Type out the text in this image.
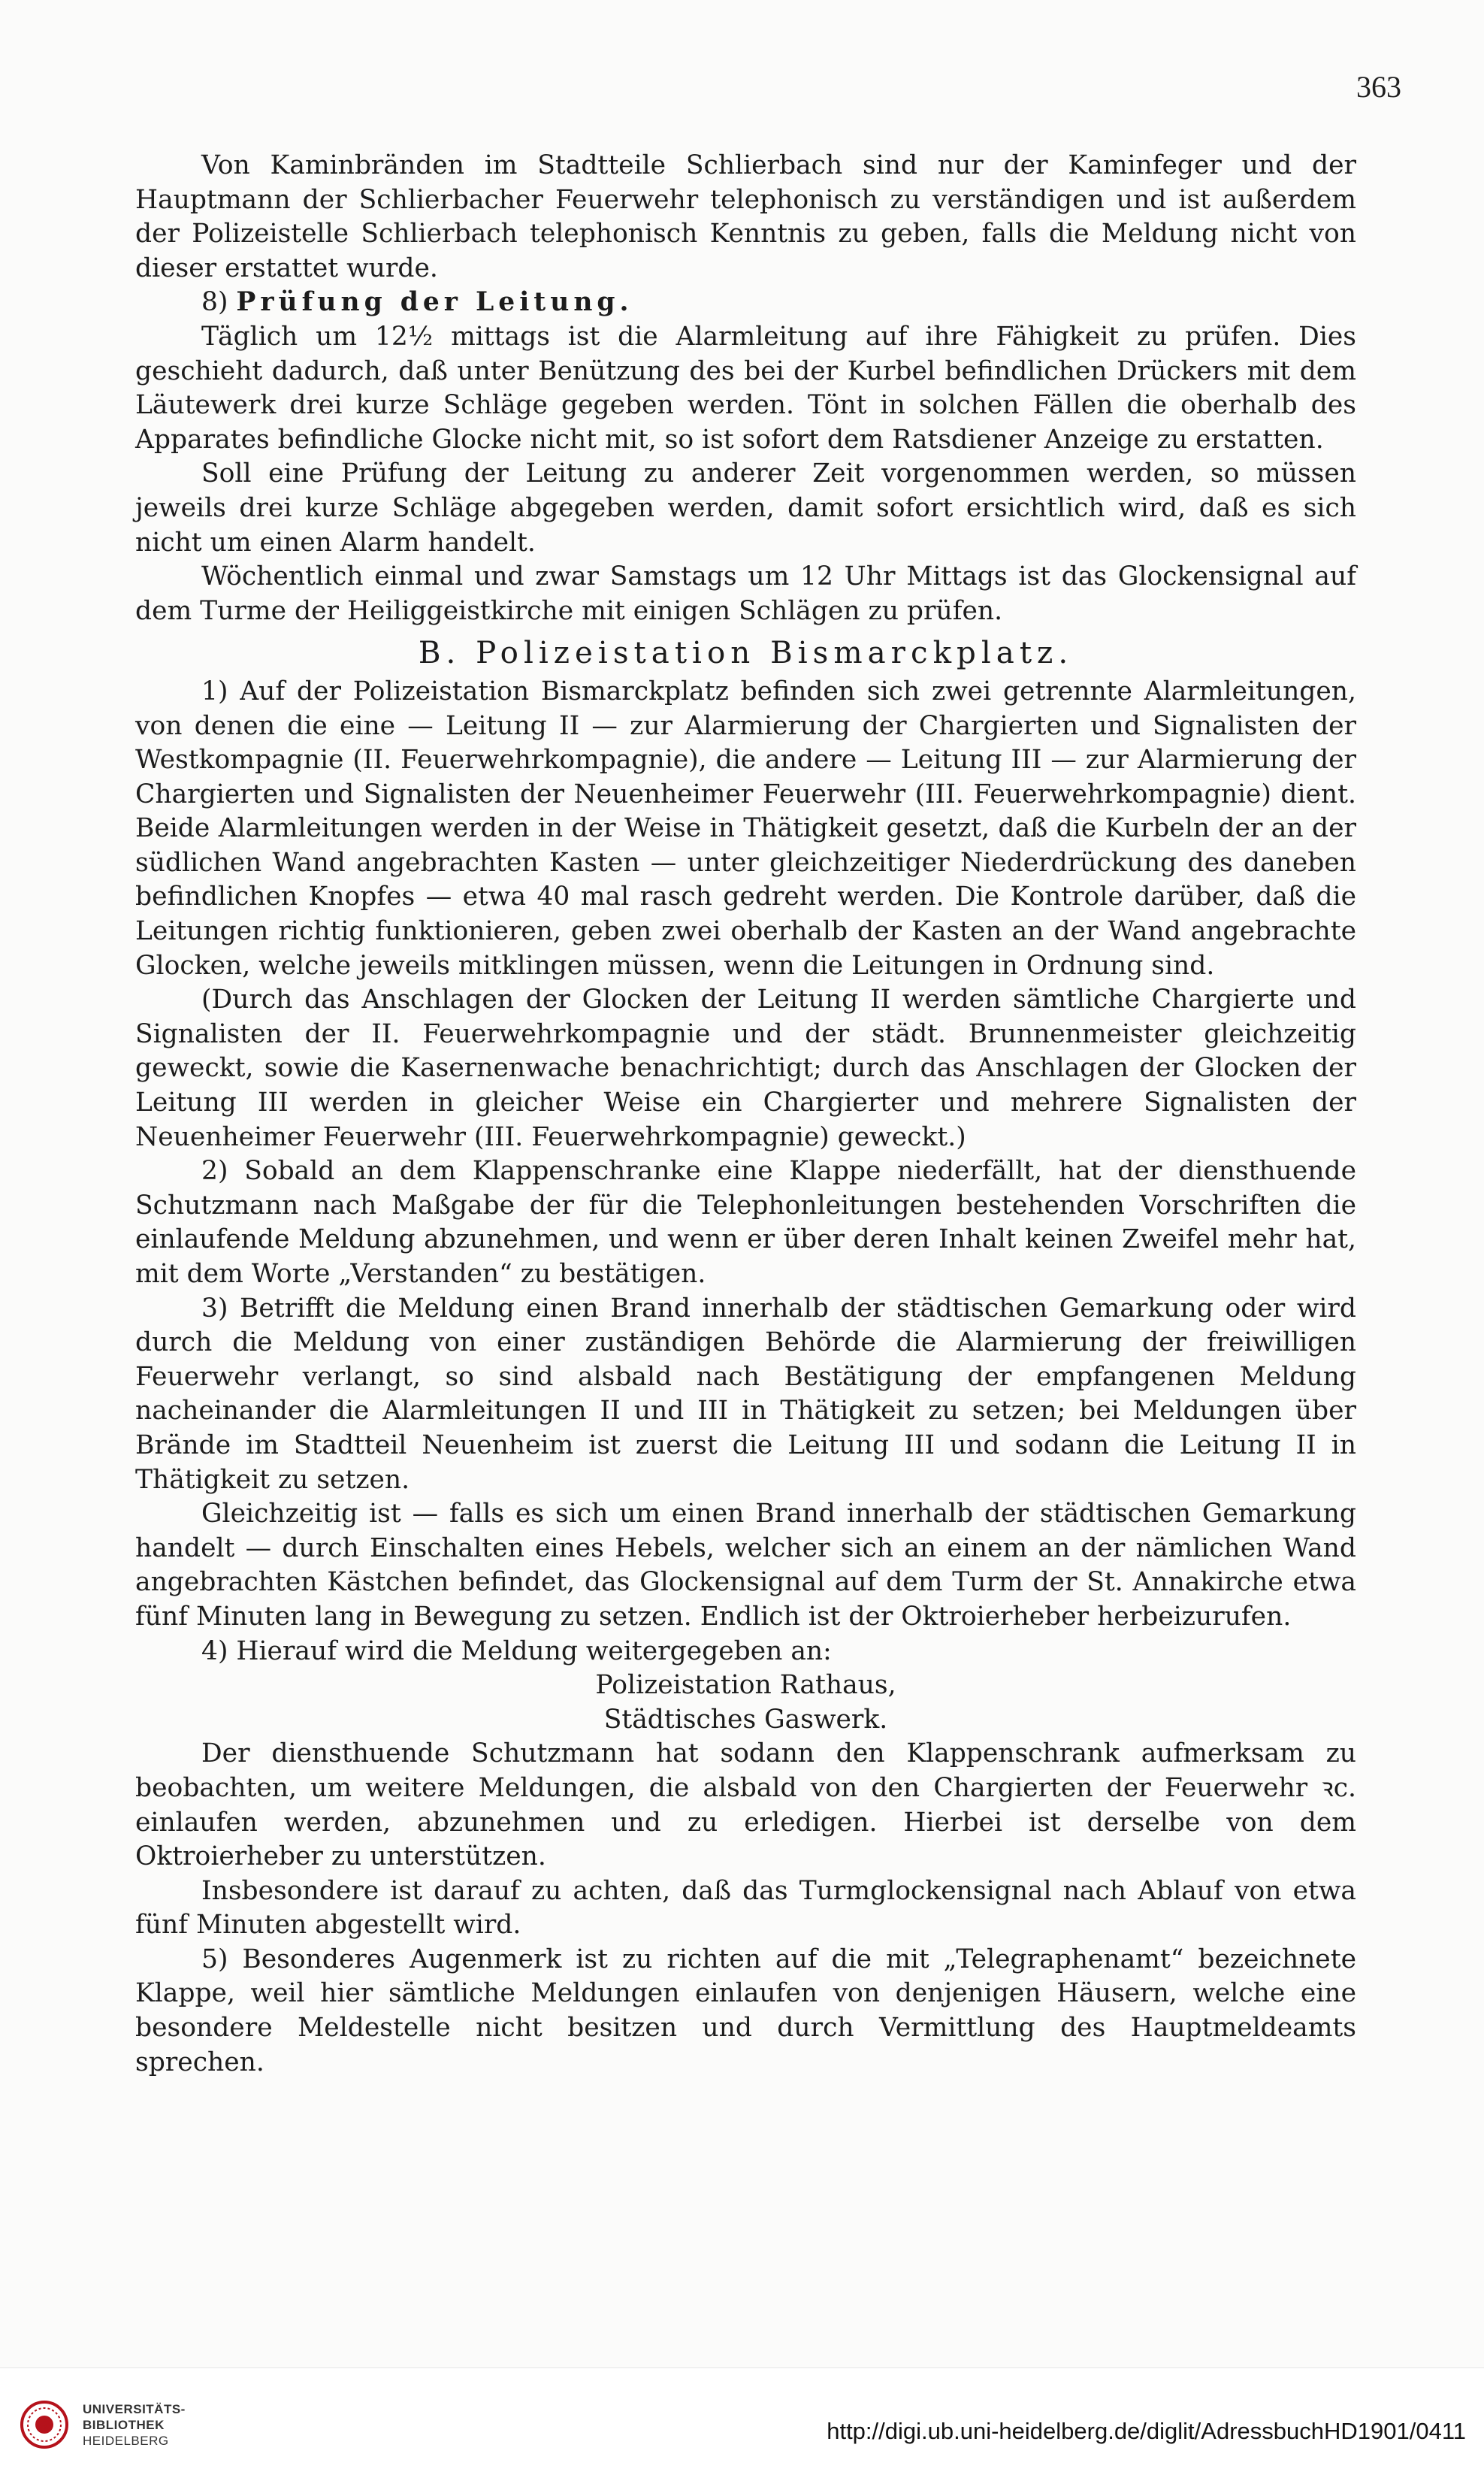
363

Von Kaminbränden im Stadtteile Schlierbach sind nur der Kaminfeger und der Hauptmann der Schlierbacher Feuerwehr telephonisch zu verständigen und ist außerdem der Polizeistelle Schlierbach telephonisch Kenntnis zu geben, falls die Meldung nicht von dieser erstattet wurde.

8) Prüfung der Leitung.

Täglich um 12½ mittags ist die Alarmleitung auf ihre Fähigkeit zu prüfen. Dies geschieht dadurch, daß unter Benützung des bei der Kurbel befindlichen Drückers mit dem Läutewerk drei kurze Schläge gegeben werden. Tönt in solchen Fällen die oberhalb des Apparates befindliche Glocke nicht mit, so ist sofort dem Ratsdiener Anzeige zu erstatten.

Soll eine Prüfung der Leitung zu anderer Zeit vorgenommen werden, so müssen jeweils drei kurze Schläge abgegeben werden, damit sofort ersichtlich wird, daß es sich nicht um einen Alarm handelt.

Wöchentlich einmal und zwar Samstags um 12 Uhr Mittags ist das Glockensignal auf dem Turme der Heiliggeistkirche mit einigen Schlägen zu prüfen.

B. Polizeistation Bismarckplatz.

1) Auf der Polizeistation Bismarckplatz befinden sich zwei getrennte Alarmleitungen, von denen die eine — Leitung II — zur Alarmierung der Chargierten und Signalisten der Westkompagnie (II. Feuerwehrkompagnie), die andere — Leitung III — zur Alarmierung der Chargierten und Signalisten der Neuenheimer Feuerwehr (III. Feuerwehrkompagnie) dient. Beide Alarmleitungen werden in der Weise in Thätigkeit gesetzt, daß die Kurbeln der an der südlichen Wand angebrachten Kasten — unter gleichzeitiger Niederdrückung des daneben befindlichen Knopfes — etwa 40 mal rasch gedreht werden. Die Kontrole darüber, daß die Leitungen richtig funktionieren, geben zwei oberhalb der Kasten an der Wand angebrachte Glocken, welche jeweils mitklingen müssen, wenn die Leitungen in Ordnung sind.

(Durch das Anschlagen der Glocken der Leitung II werden sämtliche Chargierte und Signalisten der II. Feuerwehrkompagnie und der städt. Brunnenmeister gleichzeitig geweckt, sowie die Kasernenwache benachrichtigt; durch das Anschlagen der Glocken der Leitung III werden in gleicher Weise ein Chargierter und mehrere Signalisten der Neuenheimer Feuerwehr (III. Feuerwehrkompagnie) geweckt.)

2) Sobald an dem Klappenschranke eine Klappe niederfällt, hat der diensthuende Schutzmann nach Maßgabe der für die Telephonleitungen bestehenden Vorschriften die einlaufende Meldung abzunehmen, und wenn er über deren Inhalt keinen Zweifel mehr hat, mit dem Worte „Verstanden“ zu bestätigen.

3) Betrifft die Meldung einen Brand innerhalb der städtischen Gemarkung oder wird durch die Meldung von einer zuständigen Behörde die Alarmierung der freiwilligen Feuerwehr verlangt, so sind alsbald nach Bestätigung der empfangenen Meldung nacheinander die Alarmleitungen II und III in Thätigkeit zu setzen; bei Meldungen über Brände im Stadtteil Neuenheim ist zuerst die Leitung III und sodann die Leitung II in Thätigkeit zu setzen.

Gleichzeitig ist — falls es sich um einen Brand innerhalb der städtischen Gemarkung handelt — durch Einschalten eines Hebels, welcher sich an einem an der nämlichen Wand angebrachten Kästchen befindet, das Glockensignal auf dem Turm der St. Annakirche etwa fünf Minuten lang in Bewegung zu setzen. Endlich ist der Oktroierheber herbeizurufen.

4) Hierauf wird die Meldung weitergegeben an:

Polizeistation Rathaus,

Städtisches Gaswerk.

Der diensthuende Schutzmann hat sodann den Klappenschrank aufmerksam zu beobachten, um weitere Meldungen, die alsbald von den Chargierten der Feuerwehr ꝛc. einlaufen werden, abzunehmen und zu erledigen. Hierbei ist derselbe von dem Oktroierheber zu unterstützen.

Insbesondere ist darauf zu achten, daß das Turmglockensignal nach Ablauf von etwa fünf Minuten abgestellt wird.

5) Besonderes Augenmerk ist zu richten auf die mit „Telegraphenamt“ bezeichnete Klappe, weil hier sämtliche Meldungen einlaufen von denjenigen Häusern, welche eine besondere Meldestelle nicht besitzen und durch Vermittlung des Hauptmeldeamts sprechen.

UNIVERSITÄTS-
BIBLIOTHEK
HEIDELBERG	http://digi.ub.uni-heidelberg.de/diglit/AdressbuchHD1901/0411
